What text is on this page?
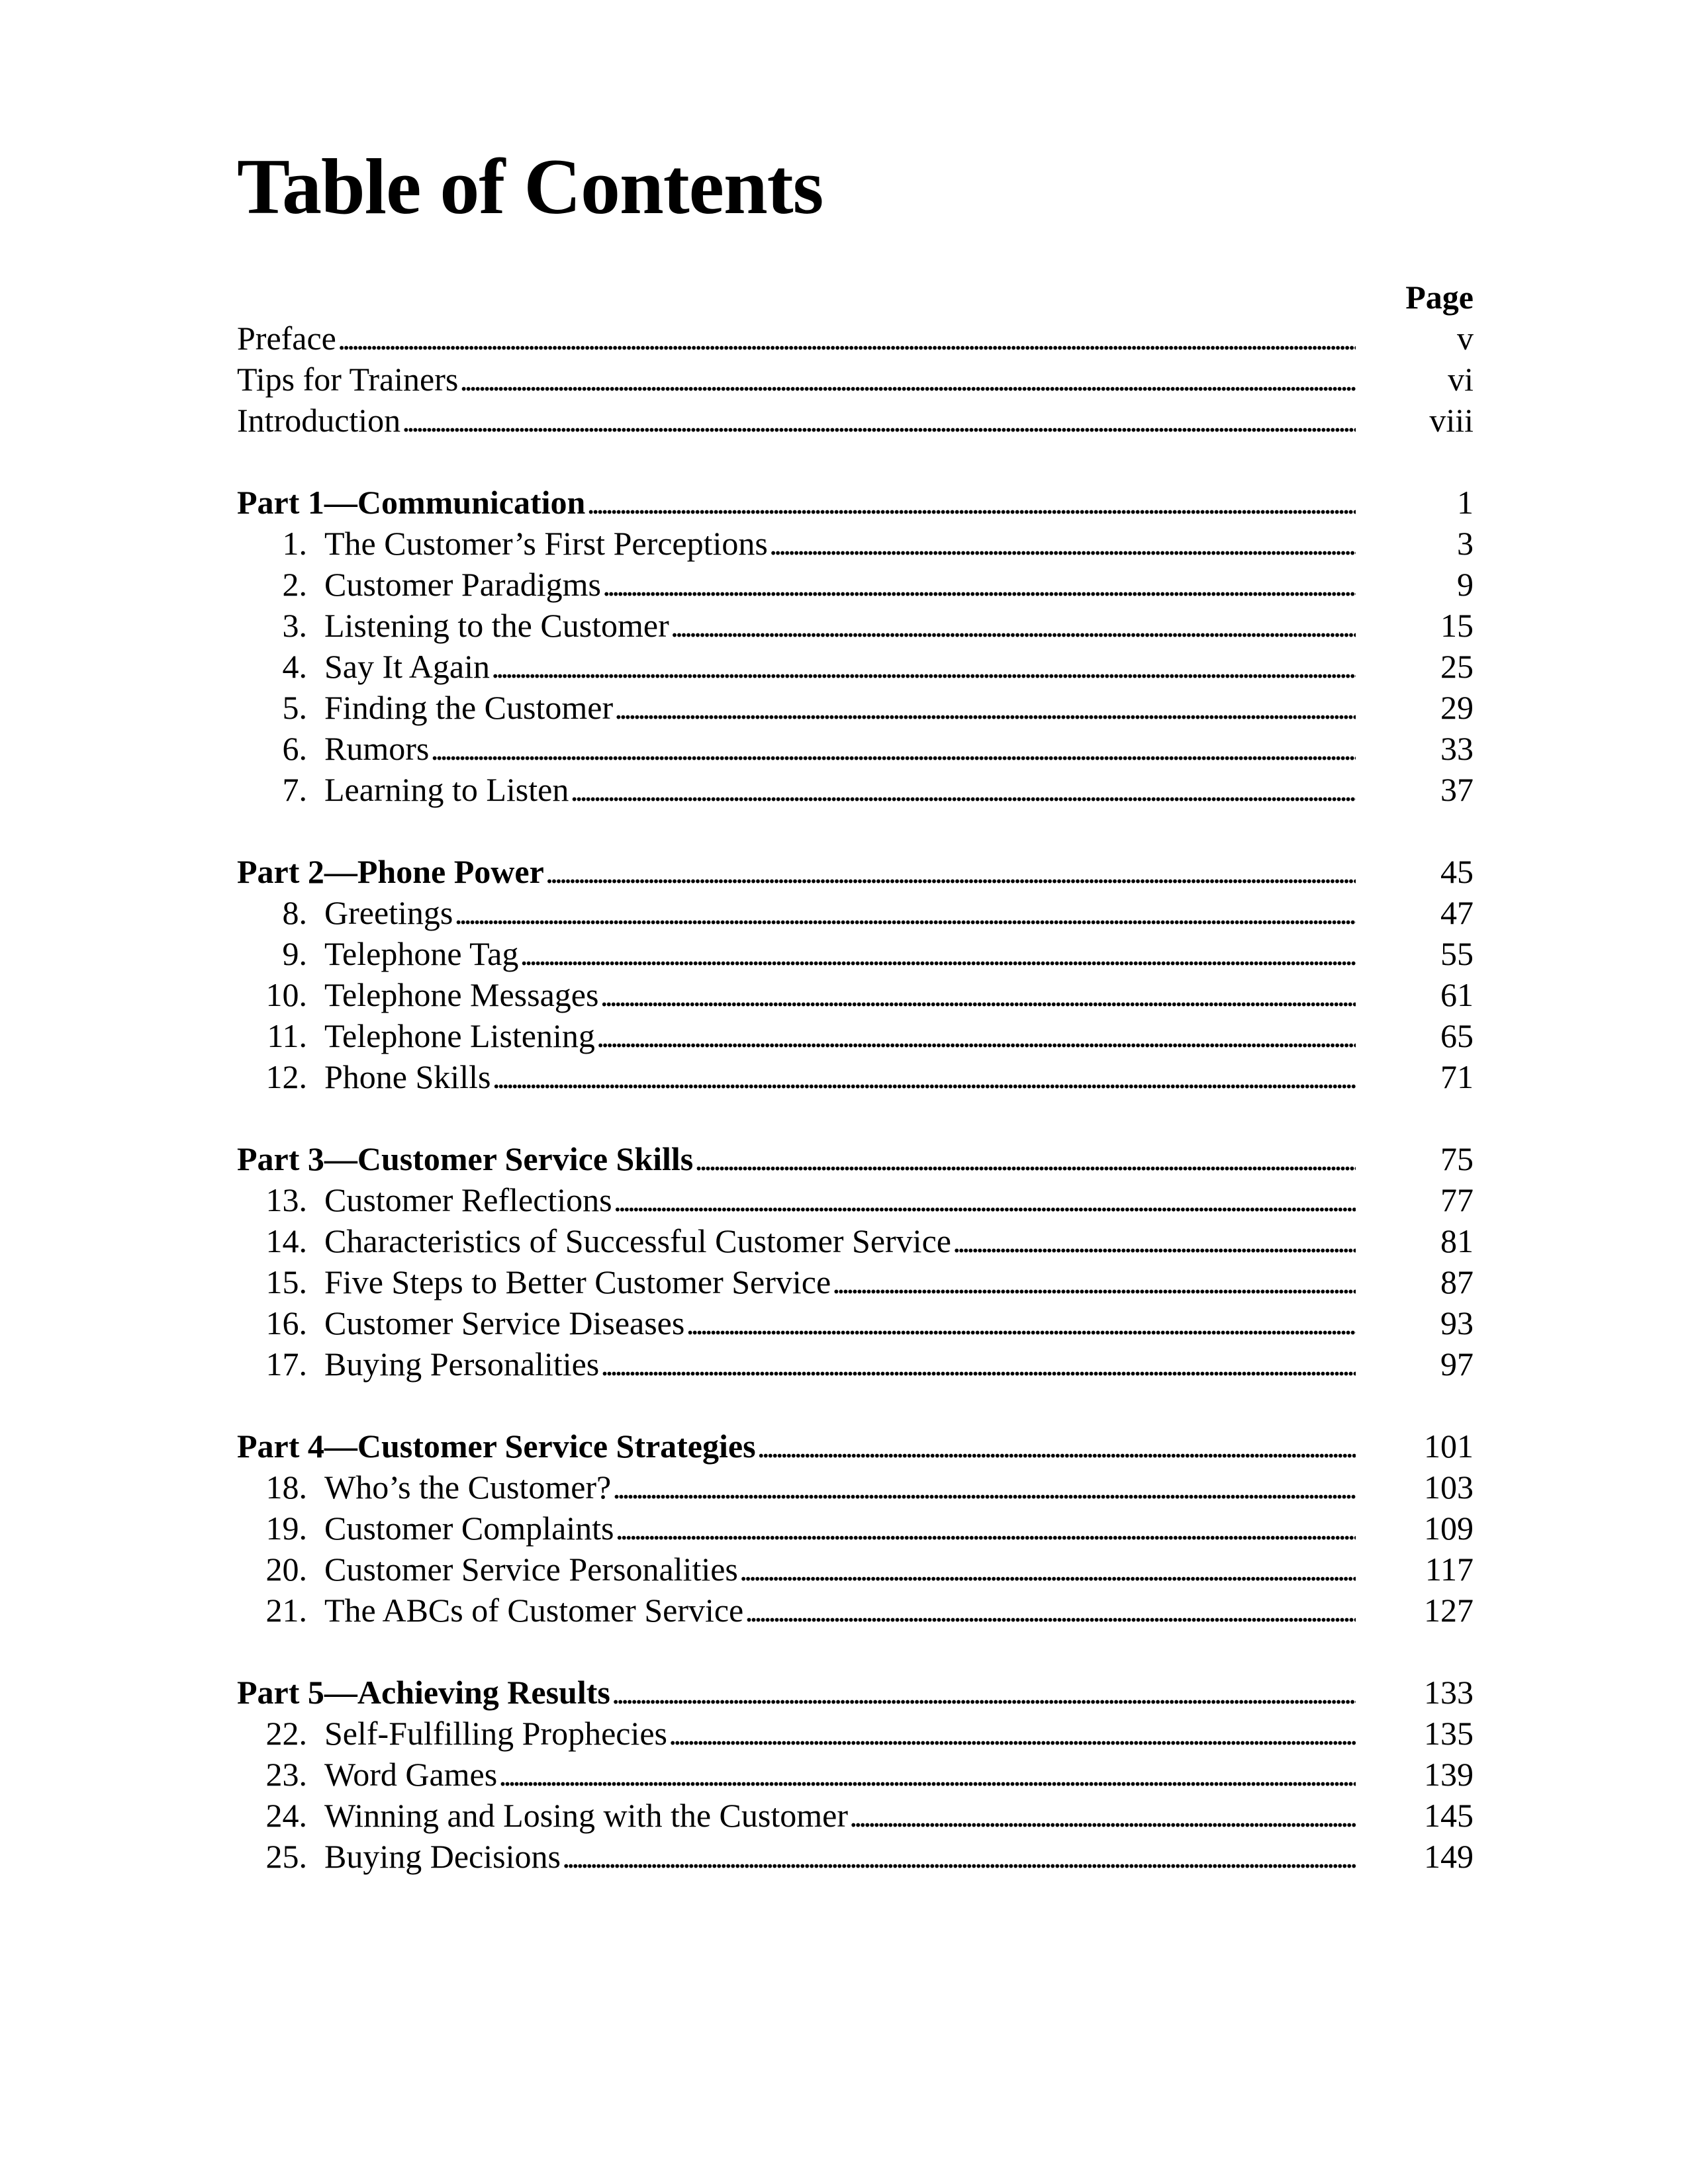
Table of Contents
Page
Preface . . .	v
Tips for Trainers . . .	vi
Introduction . . .	viii
Part 1—Communication . . .	1
1. The Customer’s First Perceptions . . .	3
2. Customer Paradigms . . .	9
3. Listening to the Customer . . .	15
4. Say It Again . . .	25
5. Finding the Customer . . .	29
6. Rumors . . .	33
7. Learning to Listen . . .	37
Part 2—Phone Power . . .	45
8. Greetings . . .	47
9. Telephone Tag . . .	55
10. Telephone Messages . . .	61
11. Telephone Listening . . .	65
12. Phone Skills . . .	71
Part 3—Customer Service Skills . . .	75
13. Customer Reflections . . .	77
14. Characteristics of Successful Customer Service . . .	81
15. Five Steps to Better Customer Service . . .	87
16. Customer Service Diseases . . .	93
17. Buying Personalities . . .	97
Part 4—Customer Service Strategies . . .	101
18. Who’s the Customer? . . .	103
19. Customer Complaints . . .	109
20. Customer Service Personalities . . .	117
21. The ABCs of Customer Service . . .	127
Part 5—Achieving Results . . .	133
22. Self-Fulfilling Prophecies . . .	135
23. Word Games . . .	139
24. Winning and Losing with the Customer . . .	145
25. Buying Decisions . . .	149
